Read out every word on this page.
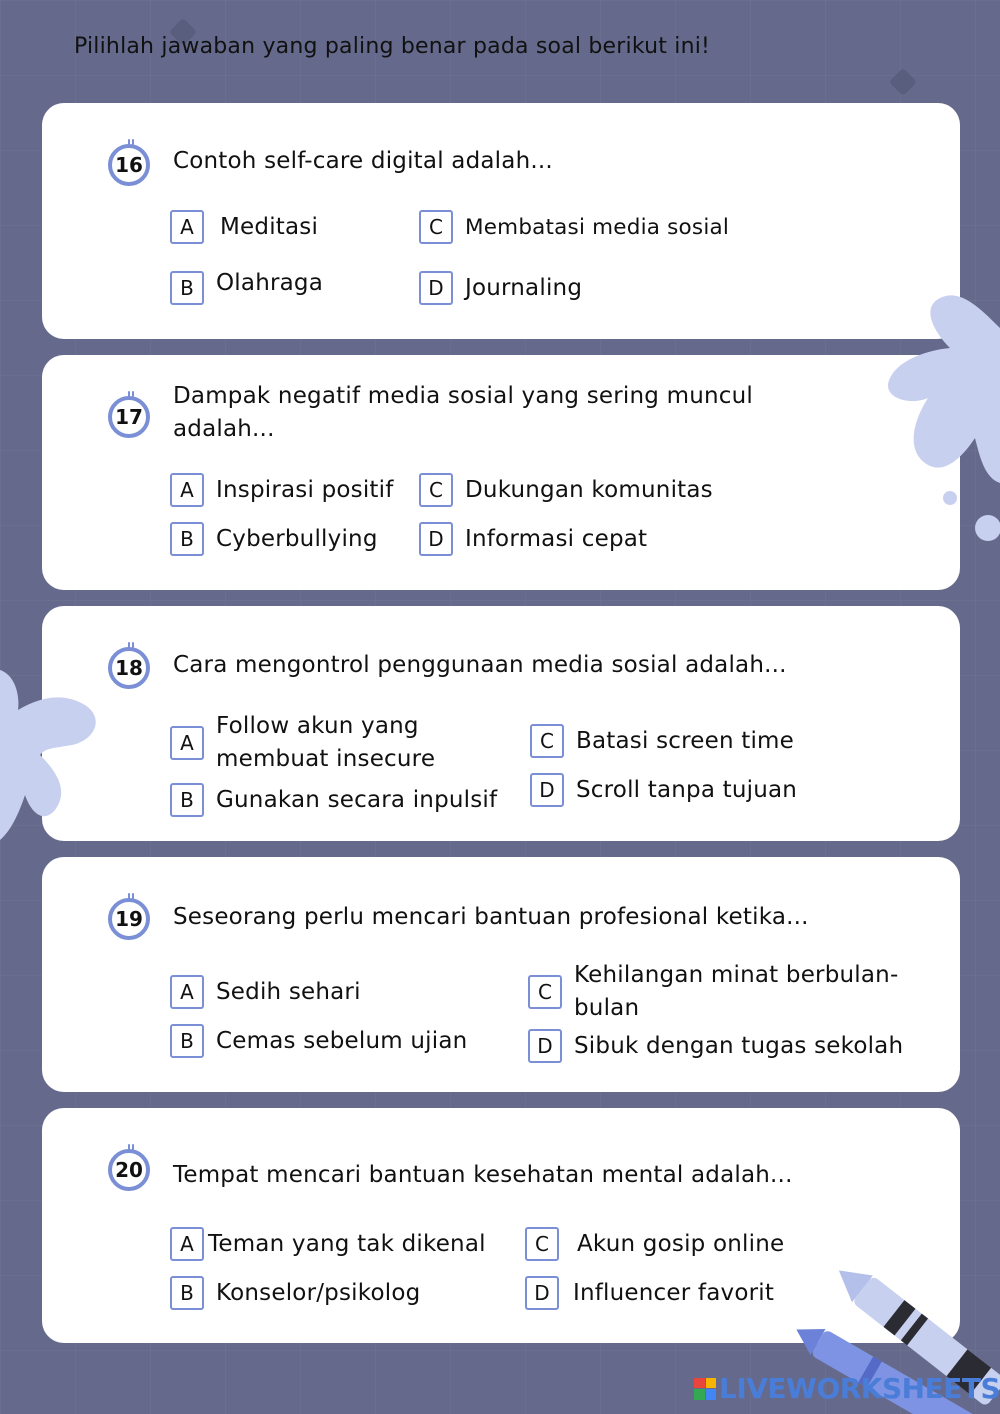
Pilihlah jawaban yang paling benar pada soal berikut ini!
16	Contoh self-care digital adalah...
A	Meditasi
B Olahraga
C	Membatasi media sosial
D Journaling
17
Dampak negatif media sosial yang sering muncul adalah...
A Inspirasi positif
B Cyberbullying
C Dukungan komunitas
D Informasi cepat
18	Cara mengontrol penggunaan media sosial adalah...
A
Follow akun yang membuat insecure
B Gunakan secara inpulsif
C Batasi screen time
D Scroll tanpa tujuan
19	Seseorang perlu mencari bantuan profesional ketika...
A Sedih sehari
B Cemas sebelum ujian
C
Kehilangan minat berbulan-bulan
D Sibuk dengan tugas sekolah
20	Tempat mencari bantuan kesehatan mental adalah...
A Teman yang tak dikenal
B Konselor/psikolog
C	Akun gosip online
D	Influencer favorit
LIVEWORKSHEETS
